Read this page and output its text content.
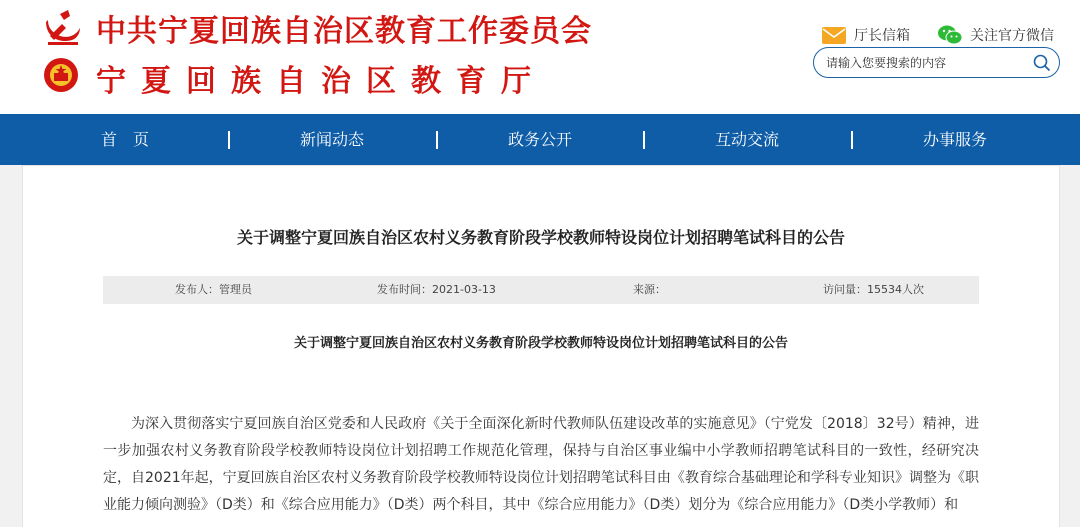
中共宁夏回族自治区教育工作委员会
宁夏回族自治区教育厅
厅长信箱	关注官方微信
请输入您要搜索的内容
首　页	新闻动态	政务公开	互动交流	办事服务
关于调整宁夏回族自治区农村义务教育阶段学校教师特设岗位计划招聘笔试科目的公告
发布人：管理员	发布时间：2021-03-13	来源：	访问量：15534人次
关于调整宁夏回族自治区农村义务教育阶段学校教师特设岗位计划招聘笔试科目的公告

为深入贯彻落实宁夏回族自治区党委和人民政府《关于全面深化新时代教师队伍建设改革的实施意见》（宁党发〔2018〕32号）精神，进一步加强农村义务教育阶段学校教师特设岗位计划招聘工作规范化管理，保持与自治区事业编中小学教师招聘笔试科目的一致性，经研究决定，自2021年起，宁夏回族自治区农村义务教育阶段学校教师特设岗位计划招聘笔试科目由《教育综合基础理论和学科专业知识》调整为《职业能力倾向测验》（D类）和《综合应用能力》（D类）两个科目，其中《综合应用能力》（D类）划分为《综合应用能力》（D类小学教师）和
